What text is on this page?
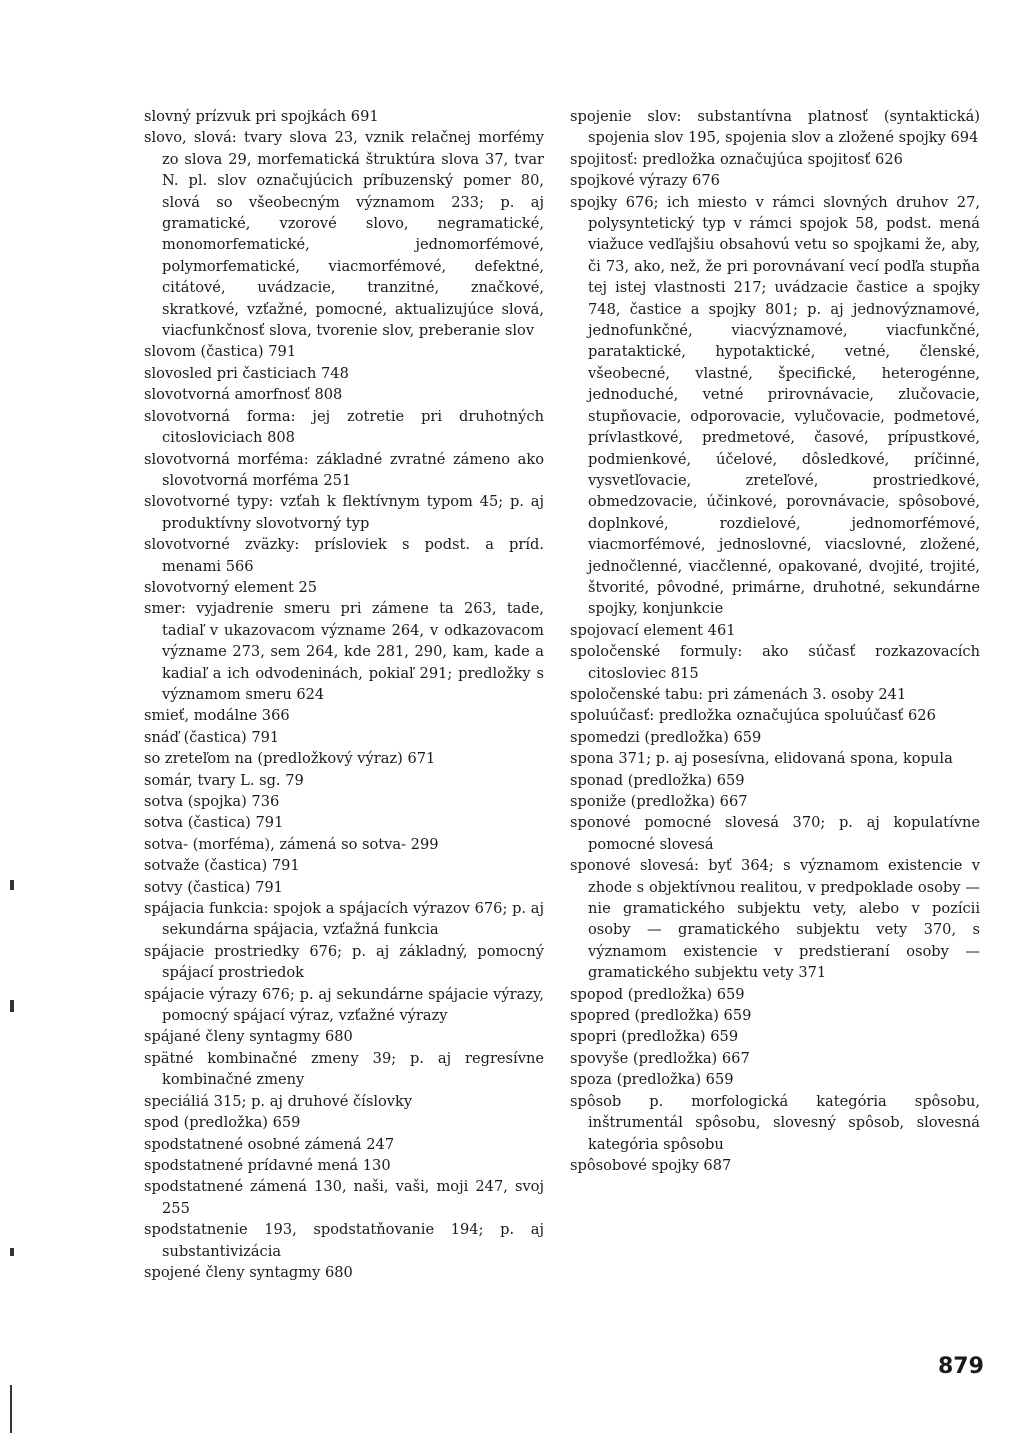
slovný prízvuk pri spojkách 691
slovo, slová: tvary slova 23, vznik relačnej morfémy zo slova 29, morfematická štruktúra slova 37, tvar N. pl. slov označujúcich príbuzenský pomer 80, slová so všeobecným významom 233; p. aj gramatické, vzorové slovo, negramatické, monomorfematické, jednomorfémové, polymorfematické, viacmorfémové, defektné, citátové, uvádzacie, tranzitné, značkové, skratkové, vzťažné, pomocné, aktualizujúce slová, viacfunkčnosť slova, tvorenie slov, preberanie slov
slovom (častica) 791
slovosled pri časticiach 748
slovotvorná amorfnosť 808
slovotvorná forma: jej zotretie pri druhotných citosloviciach 808
slovotvorná morféma: základné zvratné zámeno ako slovotvorná morféma 251
slovotvorné typy: vzťah k flektívnym typom 45; p. aj produktívny slovotvorný typ
slovotvorné zväzky: prísloviek s podst. a príd. menami 566
slovotvorný element 25
smer: vyjadrenie smeru pri zámene ta 263, tade, tadiaľ v ukazovacom význame 264, v odkazovacom význame 273, sem 264, kde 281, 290, kam, kade a kadiaľ a ich odvodeninách, pokiaľ 291; predložky s významom smeru 624
smieť, modálne 366
snáď (častica) 791
so zreteľom na (predložkový výraz) 671
somár, tvary L. sg. 79
sotva (spojka) 736
sotva (častica) 791
sotva- (morféma), zámená so sotva- 299
sotvaže (častica) 791
sotvy (častica) 791
spájacia funkcia: spojok a spájacích výrazov 676; p. aj sekundárna spájacia, vzťažná funkcia
spájacie prostriedky 676; p. aj základný, pomocný spájací prostriedok
spájacie výrazy 676; p. aj sekundárne spájacie výrazy, pomocný spájací výraz, vzťažné výrazy
spájané členy syntagmy 680
spätné kombinačné zmeny 39; p. aj regresívne kombinačné zmeny
speciáliá 315; p. aj druhové číslovky
spod (predložka) 659
spodstatnené osobné zámená 247
spodstatnené prídavné mená 130
spodstatnené zámená 130, naši, vaši, moji 247, svoj 255
spodstatnenie 193, spodstatňovanie 194; p. aj substantivizácia
spojené členy syntagmy 680
spojenie slov: substantívna platnosť (syntaktická) spojenia slov 195, spojenia slov a zložené spojky 694
spojitosť: predložka označujúca spojitosť 626
spojkové výrazy 676
spojky 676; ich miesto v rámci slovných druhov 27, polysyntetický typ v rámci spojok 58, podst. mená viažuce vedľajšiu obsahovú vetu so spojkami že, aby, či 73, ako, než, že pri porovnávaní vecí podľa stupňa tej istej vlastnosti 217; uvádzacie častice a spojky 748, častice a spojky 801; p. aj jednovýznamové, jednofunkčné, viacvýznamové, viacfunkčné, parataktické, hypotaktické, vetné, členské, všeobecné, vlastné, špecifické, heterogénne, jednoduché, vetné prirovnávacie, zlučovacie, stupňovacie, odporovacie, vylučovacie, podmetové, prívlastkové, predmetové, časové, prípustkové, podmienkové, účelové, dôsledkové, príčinné, vysvetľovacie, zreteľové, prostriedkové, obmedzovacie, účinkové, porovnávacie, spôsobové, doplnkové, rozdielové, jednomorfémové, viacmorfémové, jednoslovné, viacslovné, zložené, jednočlenné, viacčlenné, opakované, dvojité, trojité, štvorité, pôvodné, primárne, druhotné, sekundárne spojky, konjunkcie
spojovací element 461
spoločenské formuly: ako súčasť rozkazovacích citosloviec 815
spoločenské tabu: pri zámenách 3. osoby 241
spoluúčasť: predložka označujúca spoluúčasť 626
spomedzi (predložka) 659
spona 371; p. aj posesívna, elidovaná spona, kopula
sponad (predložka) 659
sponiže (predložka) 667
sponové pomocné slovesá 370; p. aj kopulatívne pomocné slovesá
sponové slovesá: byť 364; s významom existencie v zhode s objektívnou realitou, v predpoklade osoby — nie gramatického subjektu vety, alebo v pozícii osoby — gramatického subjektu vety 370, s významom existencie v predstieraní osoby — gramatického subjektu vety 371
spopod (predložka) 659
spopred (predložka) 659
spopri (predložka) 659
spovyše (predložka) 667
spoza (predložka) 659
spôsob p. morfologická kategória spôsobu, inštrumentál spôsobu, slovesný spôsob, slovesná kategória spôsobu
spôsobové spojky 687
879
